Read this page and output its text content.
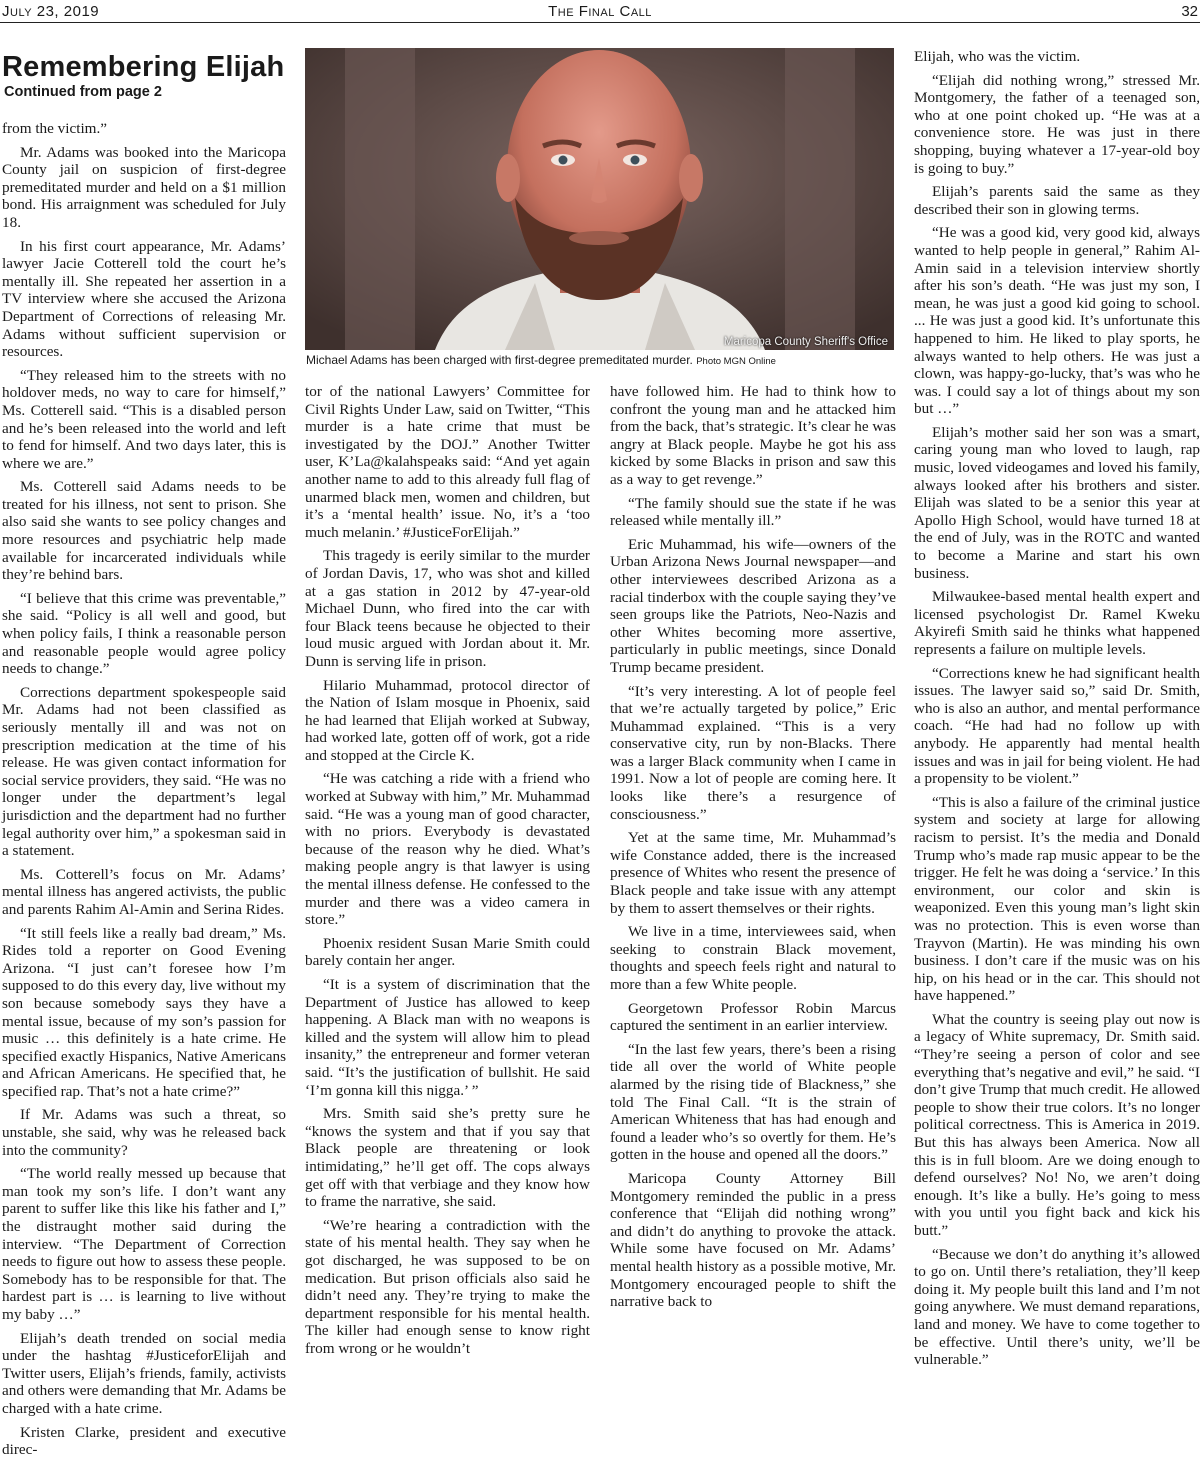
July 23, 2019	The Final Call	32
Remembering Elijah
Continued from page 2
Maricopa County Sheriff's Office
Michael Adams has been charged with first-degree premeditated murder. Photo MGN Online

from the victim.”

Mr. Adams was booked into the Maricopa County jail on suspicion of first-degree premeditated murder and held on a $1 million bond. His arraignment was scheduled for July 18.

In his first court appearance, Mr. Adams’ lawyer Jacie Cotterell told the court he’s mentally ill. She repeated her assertion in a TV interview where she accused the Arizona Department of Corrections of releasing Mr. Adams without sufficient supervision or resources.

“They released him to the streets with no holdover meds, no way to care for himself,” Ms. Cotterell said. “This is a disabled person and he’s been released into the world and left to fend for himself. And two days later, this is where we are.”

Ms. Cotterell said Adams needs to be treated for his illness, not sent to prison. She also said she wants to see policy changes and more resources and psychiatric help made available for incarcerated individuals while they’re behind bars.

“I believe that this crime was preventable,” she said. “Policy is all well and good, but when policy fails, I think a reasonable person and reasonable people would agree policy needs to change.”

Corrections department spokespeople said Mr. Adams had not been classified as seriously mentally ill and was not on prescription medication at the time of his release. He was given contact information for social service providers, they said. “He was no longer under the department’s legal jurisdiction and the department had no further legal authority over him,” a spokesman said in a statement.

Ms. Cotterell’s focus on Mr. Adams’ mental illness has angered activists, the public and parents Rahim Al-Amin and Serina Rides.

“It still feels like a really bad dream,” Ms. Rides told a reporter on Good Evening Arizona. “I just can’t foresee how I’m supposed to do this every day, live without my son because somebody says they have a mental issue, because of my son’s passion for music … this definitely is a hate crime. He specified exactly Hispanics, Native Americans and African Americans. He specified that, he specified rap. That’s not a hate crime?”

If Mr. Adams was such a threat, so unstable, she said, why was he released back into the community?

“The world really messed up because that man took my son’s life. I don’t want any parent to suffer like this like his father and I,” the distraught mother said during the interview. “The Department of Correction needs to figure out how to assess these people. Somebody has to be responsible for that. The hardest part is … is learning to live without my baby …”

Elijah’s death trended on social media under the hashtag #JusticeforElijah and Twitter users, Elijah’s friends, family, activists and others were demanding that Mr. Adams be charged with a hate crime.

Kristen Clarke, president and executive direc-

tor of the national Lawyers’ Committee for Civil Rights Under Law, said on Twitter, “This murder is a hate crime that must be investigated by the DOJ.” Another Twitter user, K’La@kalahspeaks said: “And yet again another name to add to this already full flag of unarmed black men, women and children, but it’s a ‘mental health’ issue. No, it’s a ‘too much melanin.’ #JusticeForElijah.”

This tragedy is eerily similar to the murder of Jordan Davis, 17, who was shot and killed at a gas station in 2012 by 47-year-old Michael Dunn, who fired into the car with four Black teens because he objected to their loud music argued with Jordan about it. Mr. Dunn is serving life in prison.

Hilario Muhammad, protocol director of the Nation of Islam mosque in Phoenix, said he had learned that Elijah worked at Subway, had worked late, gotten off of work, got a ride and stopped at the Circle K.

“He was catching a ride with a friend who worked at Subway with him,” Mr. Muhammad said. “He was a young man of good character, with no priors. Everybody is devastated because of the reason why he died. What’s making people angry is that lawyer is using the mental illness defense. He confessed to the murder and there was a video camera in store.”

Phoenix resident Susan Marie Smith could barely contain her anger.

“It is a system of discrimination that the Department of Justice has allowed to keep happening. A Black man with no weapons is killed and the system will allow him to plead insanity,” the entrepreneur and former veteran said. “It’s the justification of bullshit. He said ‘I’m gonna kill this nigga.’ ”

Mrs. Smith said she’s pretty sure he “knows the system and that if you say that Black people are threatening or look intimidating,” he’ll get off. The cops always get off with that verbiage and they know how to frame the narrative, she said.

“We’re hearing a contradiction with the state of his mental health. They say when he got discharged, he was supposed to be on medication. But prison officials also said he didn’t need any. They’re trying to make the department responsible for his mental health. The killer had enough sense to know right from wrong or he wouldn’t

have followed him. He had to think how to confront the young man and he attacked him from the back, that’s strategic. It’s clear he was angry at Black people. Maybe he got his ass kicked by some Blacks in prison and saw this as a way to get revenge.”

“The family should sue the state if he was released while mentally ill.”

Eric Muhammad, his wife—owners of the Urban Arizona News Journal newspaper—and other interviewees described Arizona as a racial tinderbox with the couple saying they’ve seen groups like the Patriots, Neo-Nazis and other Whites becoming more assertive, particularly in public meetings, since Donald Trump became president.

“It’s very interesting. A lot of people feel that we’re actually targeted by police,” Eric Muhammad explained. “This is a very conservative city, run by non-Blacks. There was a larger Black community when I came in 1991. Now a lot of people are coming here. It looks like there’s a resurgence of consciousness.”

Yet at the same time, Mr. Muhammad’s wife Constance added, there is the increased presence of Whites who resent the presence of Black people and take issue with any attempt by them to assert themselves or their rights.

We live in a time, interviewees said, when seeking to constrain Black movement, thoughts and speech feels right and natural to more than a few White people.

Georgetown Professor Robin Marcus captured the sentiment in an earlier interview.

“In the last few years, there’s been a rising tide all over the world of White people alarmed by the rising tide of Blackness,” she told The Final Call. “It is the strain of American Whiteness that has had enough and found a leader who’s so overtly for them. He’s gotten in the house and opened all the doors.”

Maricopa County Attorney Bill Montgomery reminded the public in a press conference that “Elijah did nothing wrong” and didn’t do anything to provoke the attack. While some have focused on Mr. Adams’ mental health history as a possible motive, Mr. Montgomery encouraged people to shift the narrative back to

Elijah, who was the victim.

“Elijah did nothing wrong,” stressed Mr. Montgomery, the father of a teenaged son, who at one point choked up. “He was at a convenience store. He was just in there shopping, buying whatever a 17-year-old boy is going to buy.”

Elijah’s parents said the same as they described their son in glowing terms.

“He was a good kid, very good kid, always wanted to help people in general,” Rahim Al-Amin said in a television interview shortly after his son’s death. “He was just my son, I mean, he was just a good kid going to school. ... He was just a good kid. It’s unfortunate this happened to him. He liked to play sports, he always wanted to help others. He was just a clown, was happy-go-lucky, that’s was who he was. I could say a lot of things about my son but …”

Elijah’s mother said her son was a smart, caring young man who loved to laugh, rap music, loved videogames and loved his family, always looked after his brothers and sister. Elijah was slated to be a senior this year at Apollo High School, would have turned 18 at the end of July, was in the ROTC and wanted to become a Marine and start his own business.

Milwaukee-based mental health expert and licensed psychologist Dr. Ramel Kweku Akyirefi Smith said he thinks what happened represents a failure on multiple levels.

“Corrections knew he had significant health issues. The lawyer said so,” said Dr. Smith, who is also an author, and mental performance coach. “He had had no follow up with anybody. He apparently had mental health issues and was in jail for being violent. He had a propensity to be violent.”

“This is also a failure of the criminal justice system and society at large for allowing racism to persist. It’s the media and Donald Trump who’s made rap music appear to be the trigger. He felt he was doing a ‘service.’ In this environment, our color and skin is weaponized. Even this young man’s light skin was no protection. This is even worse than Trayvon (Martin). He was minding his own business. I don’t care if the music was on his hip, on his head or in the car. This should not have happened.”

What the country is seeing play out now is a legacy of White supremacy, Dr. Smith said. “They’re seeing a person of color and see everything that’s negative and evil,” he said. “I don’t give Trump that much credit. He allowed people to show their true colors. It’s no longer political correctness. This is America in 2019. But this has always been America. Now all this is in full bloom. Are we doing enough to defend ourselves? No! No, we aren’t doing enough. It’s like a bully. He’s going to mess with you until you fight back and kick his butt.”

“Because we don’t do anything it’s allowed to go on. Until there’s retaliation, they’ll keep doing it. My people built this land and I’m not going anywhere. We must demand reparations, land and money. We have to come together to be effective. Until there’s unity, we’ll be vulnerable.”
